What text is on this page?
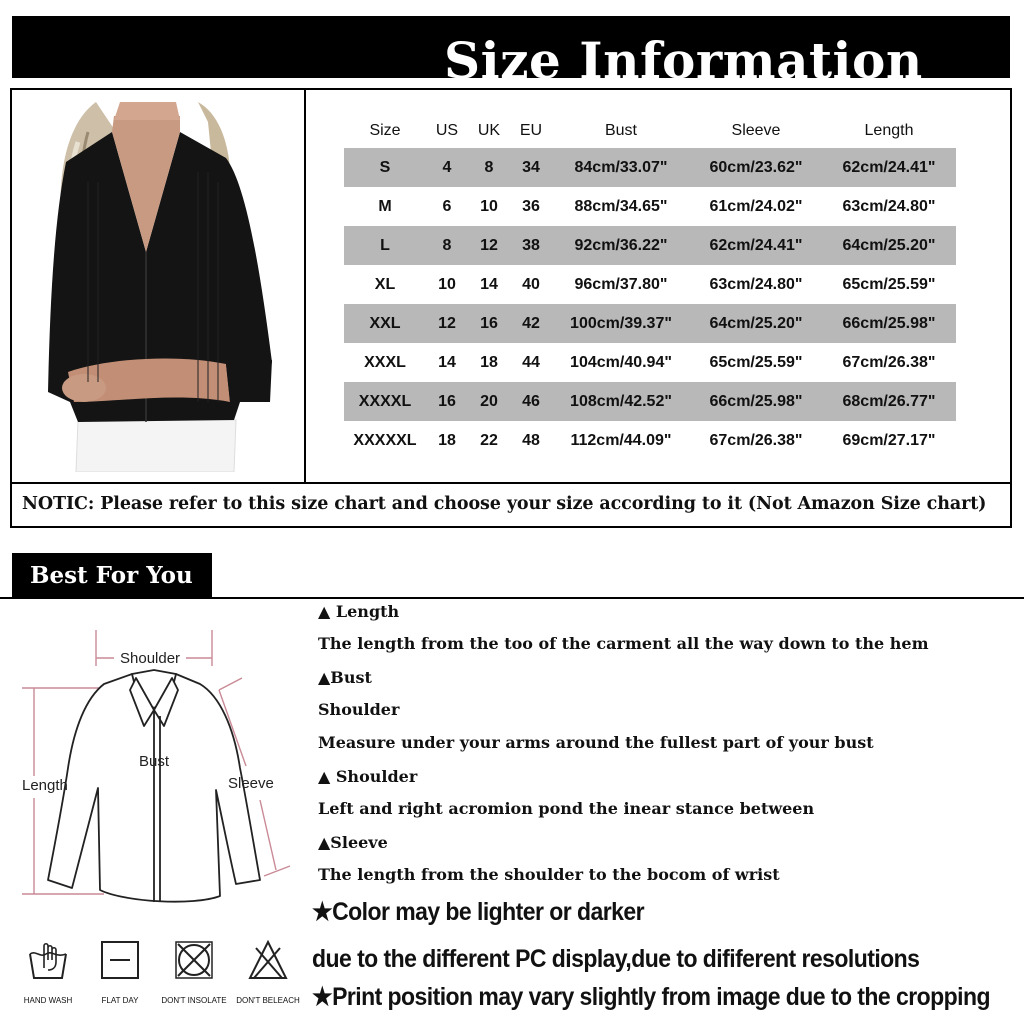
Size Information
Size	US	UK	EU	Bust	Sleeve	Length
S	4	8	34	84cm/33.07"	60cm/23.62"	62cm/24.41"
M	6	10	36	88cm/34.65"	61cm/24.02"	63cm/24.80"
L	8	12	38	92cm/36.22"	62cm/24.41"	64cm/25.20"
XL	10	14	40	96cm/37.80"	63cm/24.80"	65cm/25.59"
XXL	12	16	42	100cm/39.37"	64cm/25.20"	66cm/25.98"
XXXL	14	18	44	104cm/40.94"	65cm/25.59"	67cm/26.38"
XXXXL	16	20	46	108cm/42.52"	66cm/25.98"	68cm/26.77"
XXXXXL	18	22	48	112cm/44.09"	67cm/26.38"	69cm/27.17"
NOTIC: Please refer to this size chart and choose your size according to it (Not Amazon Size chart)
Best For You
Shoulder
Bust
Length	Sleeve
HAND WASH	FLAT DAY	DON'T INSOLATE	DON'T BELEACH
▲ Length
The length from the too of the carment all the way down to the hem
▲Bust
Shoulder
Measure under your arms around the fullest part of your bust
▲ Shoulder
Left and right acromion pond the inear stance between
▲Sleeve
The length from the shoulder to the bocom of wrist
★Color may be lighter or darker
due to the different PC display,due to dififerent resolutions
★Print position may vary slightly from image due to the cropping
